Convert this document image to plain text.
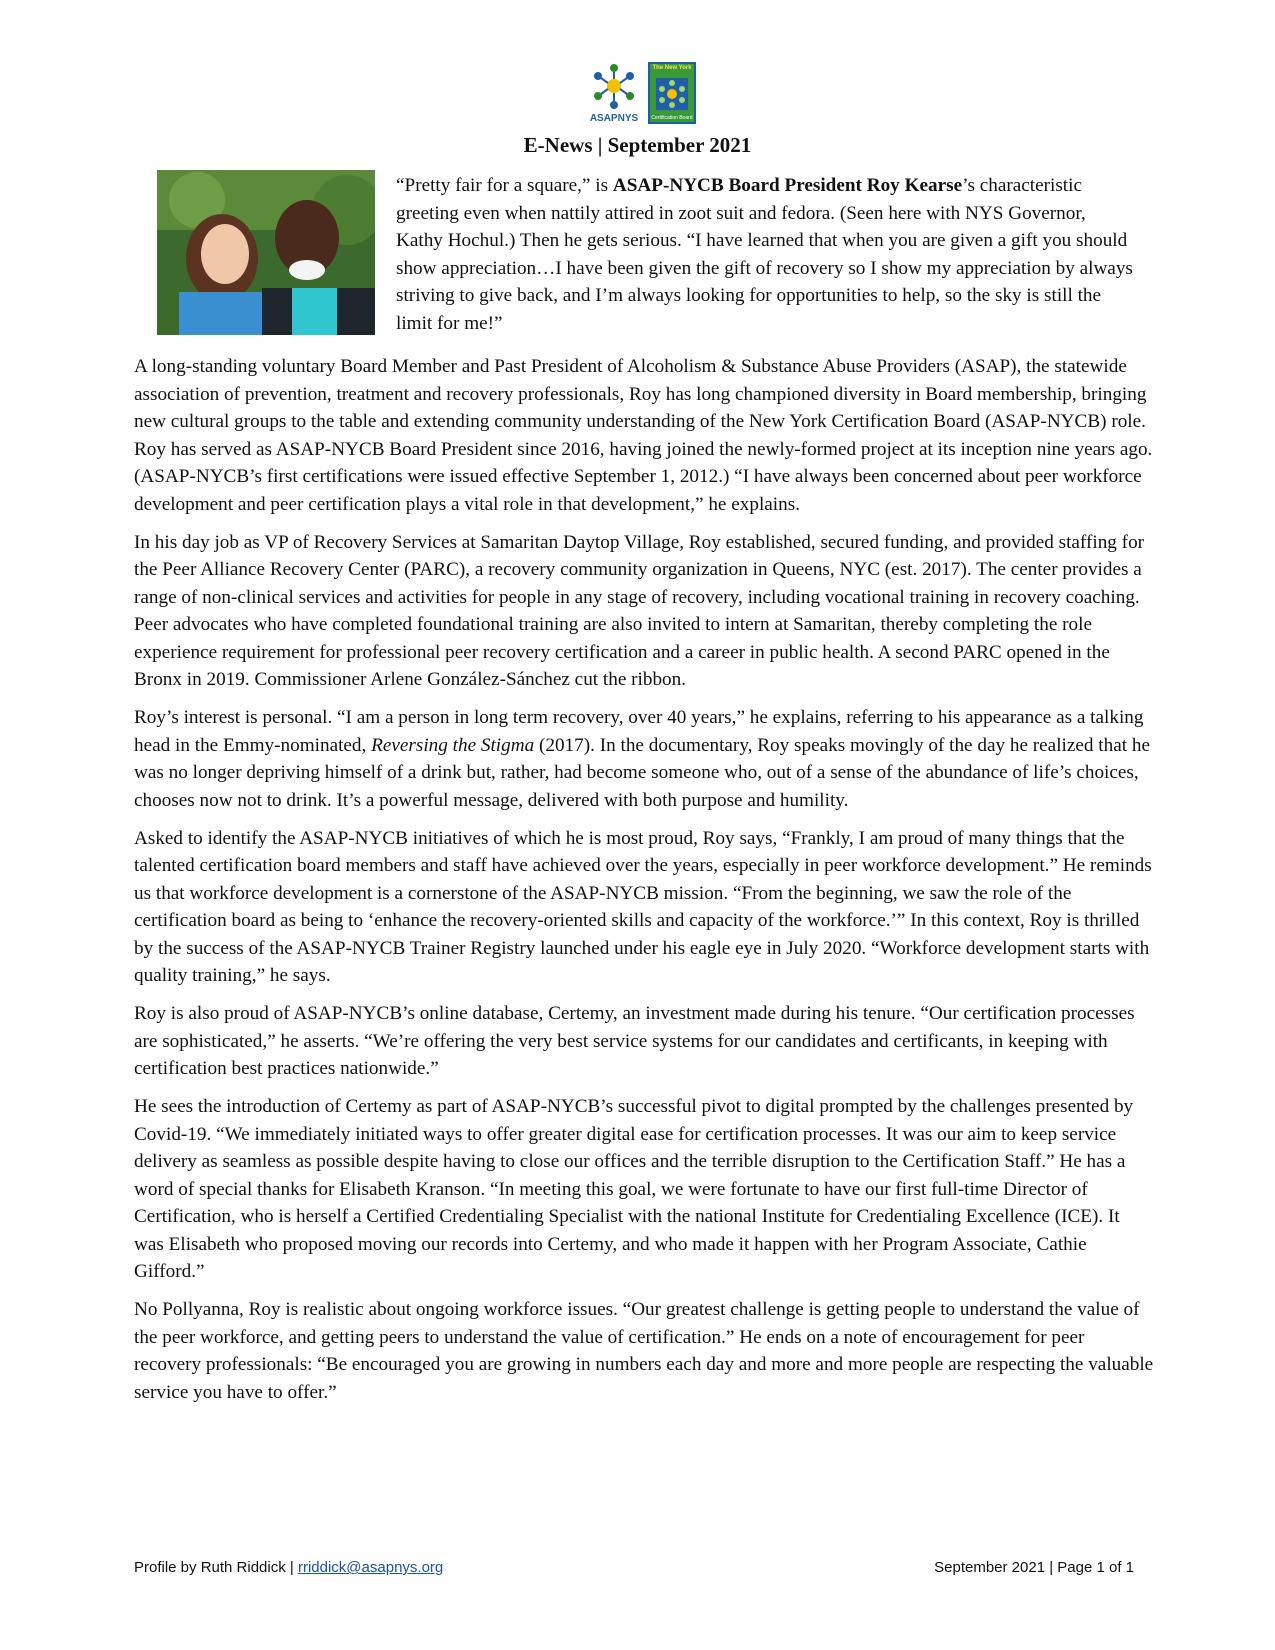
ASAPNYS
The New York
Certification Board
E-News | September 2021
“Pretty fair for a square,” is ASAP-NYCB Board President Roy Kearse’s characteristic greeting even when nattily attired in zoot suit and fedora. (Seen here with NYS Governor, Kathy Hochul.) Then he gets serious. “I have learned that when you are given a gift you should show appreciation…I have been given the gift of recovery so I show my appreciation by always striving to give back, and I’m always looking for opportunities to help, so the sky is still the limit for me!”

A long-standing voluntary Board Member and Past President of Alcoholism & Substance Abuse Providers (ASAP), the statewide association of prevention, treatment and recovery professionals, Roy has long championed diversity in Board membership, bringing new cultural groups to the table and extending community understanding of the New York Certification Board (ASAP-NYCB) role. Roy has served as ASAP-NYCB Board President since 2016, having joined the newly-formed project at its inception nine years ago. (ASAP-NYCB’s first certifications were issued effective September 1, 2012.) “I have always been concerned about peer workforce development and peer certification plays a vital role in that development,” he explains.

In his day job as VP of Recovery Services at Samaritan Daytop Village, Roy established, secured funding, and provided staffing for the Peer Alliance Recovery Center (PARC), a recovery community organization in Queens, NYC (est. 2017). The center provides a range of non-clinical services and activities for people in any stage of recovery, including vocational training in recovery coaching. Peer advocates who have completed foundational training are also invited to intern at Samaritan, thereby completing the role experience requirement for professional peer recovery certification and a career in public health. A second PARC opened in the Bronx in 2019. Commissioner Arlene González-Sánchez cut the ribbon.

Roy’s interest is personal. “I am a person in long term recovery, over 40 years,” he explains, referring to his appearance as a talking head in the Emmy-nominated, Reversing the Stigma (2017). In the documentary, Roy speaks movingly of the day he realized that he was no longer depriving himself of a drink but, rather, had become someone who, out of a sense of the abundance of life’s choices, chooses now not to drink. It’s a powerful message, delivered with both purpose and humility.

Asked to identify the ASAP-NYCB initiatives of which he is most proud, Roy says, “Frankly, I am proud of many things that the talented certification board members and staff have achieved over the years, especially in peer workforce development.” He reminds us that workforce development is a cornerstone of the ASAP-NYCB mission. “From the beginning, we saw the role of the certification board as being to ‘enhance the recovery-oriented skills and capacity of the workforce.’” In this context, Roy is thrilled by the success of the ASAP-NYCB Trainer Registry launched under his eagle eye in July 2020. “Workforce development starts with quality training,” he says.

Roy is also proud of ASAP-NYCB’s online database, Certemy, an investment made during his tenure. “Our certification processes are sophisticated,” he asserts. “We’re offering the very best service systems for our candidates and certificants, in keeping with certification best practices nationwide.”

He sees the introduction of Certemy as part of ASAP-NYCB’s successful pivot to digital prompted by the challenges presented by Covid-19. “We immediately initiated ways to offer greater digital ease for certification processes. It was our aim to keep service delivery as seamless as possible despite having to close our offices and the terrible disruption to the Certification Staff.” He has a word of special thanks for Elisabeth Kranson. “In meeting this goal, we were fortunate to have our first full-time Director of Certification, who is herself a Certified Credentialing Specialist with the national Institute for Credentialing Excellence (ICE). It was Elisabeth who proposed moving our records into Certemy, and who made it happen with her Program Associate, Cathie Gifford.”

No Pollyanna, Roy is realistic about ongoing workforce issues. “Our greatest challenge is getting people to understand the value of the peer workforce, and getting peers to understand the value of certification.” He ends on a note of encouragement for peer recovery professionals: “Be encouraged you are growing in numbers each day and more and more people are respecting the valuable service you have to offer.”

Profile by Ruth Riddick | rriddick@asapnys.org	September 2021 | Page 1 of 1
